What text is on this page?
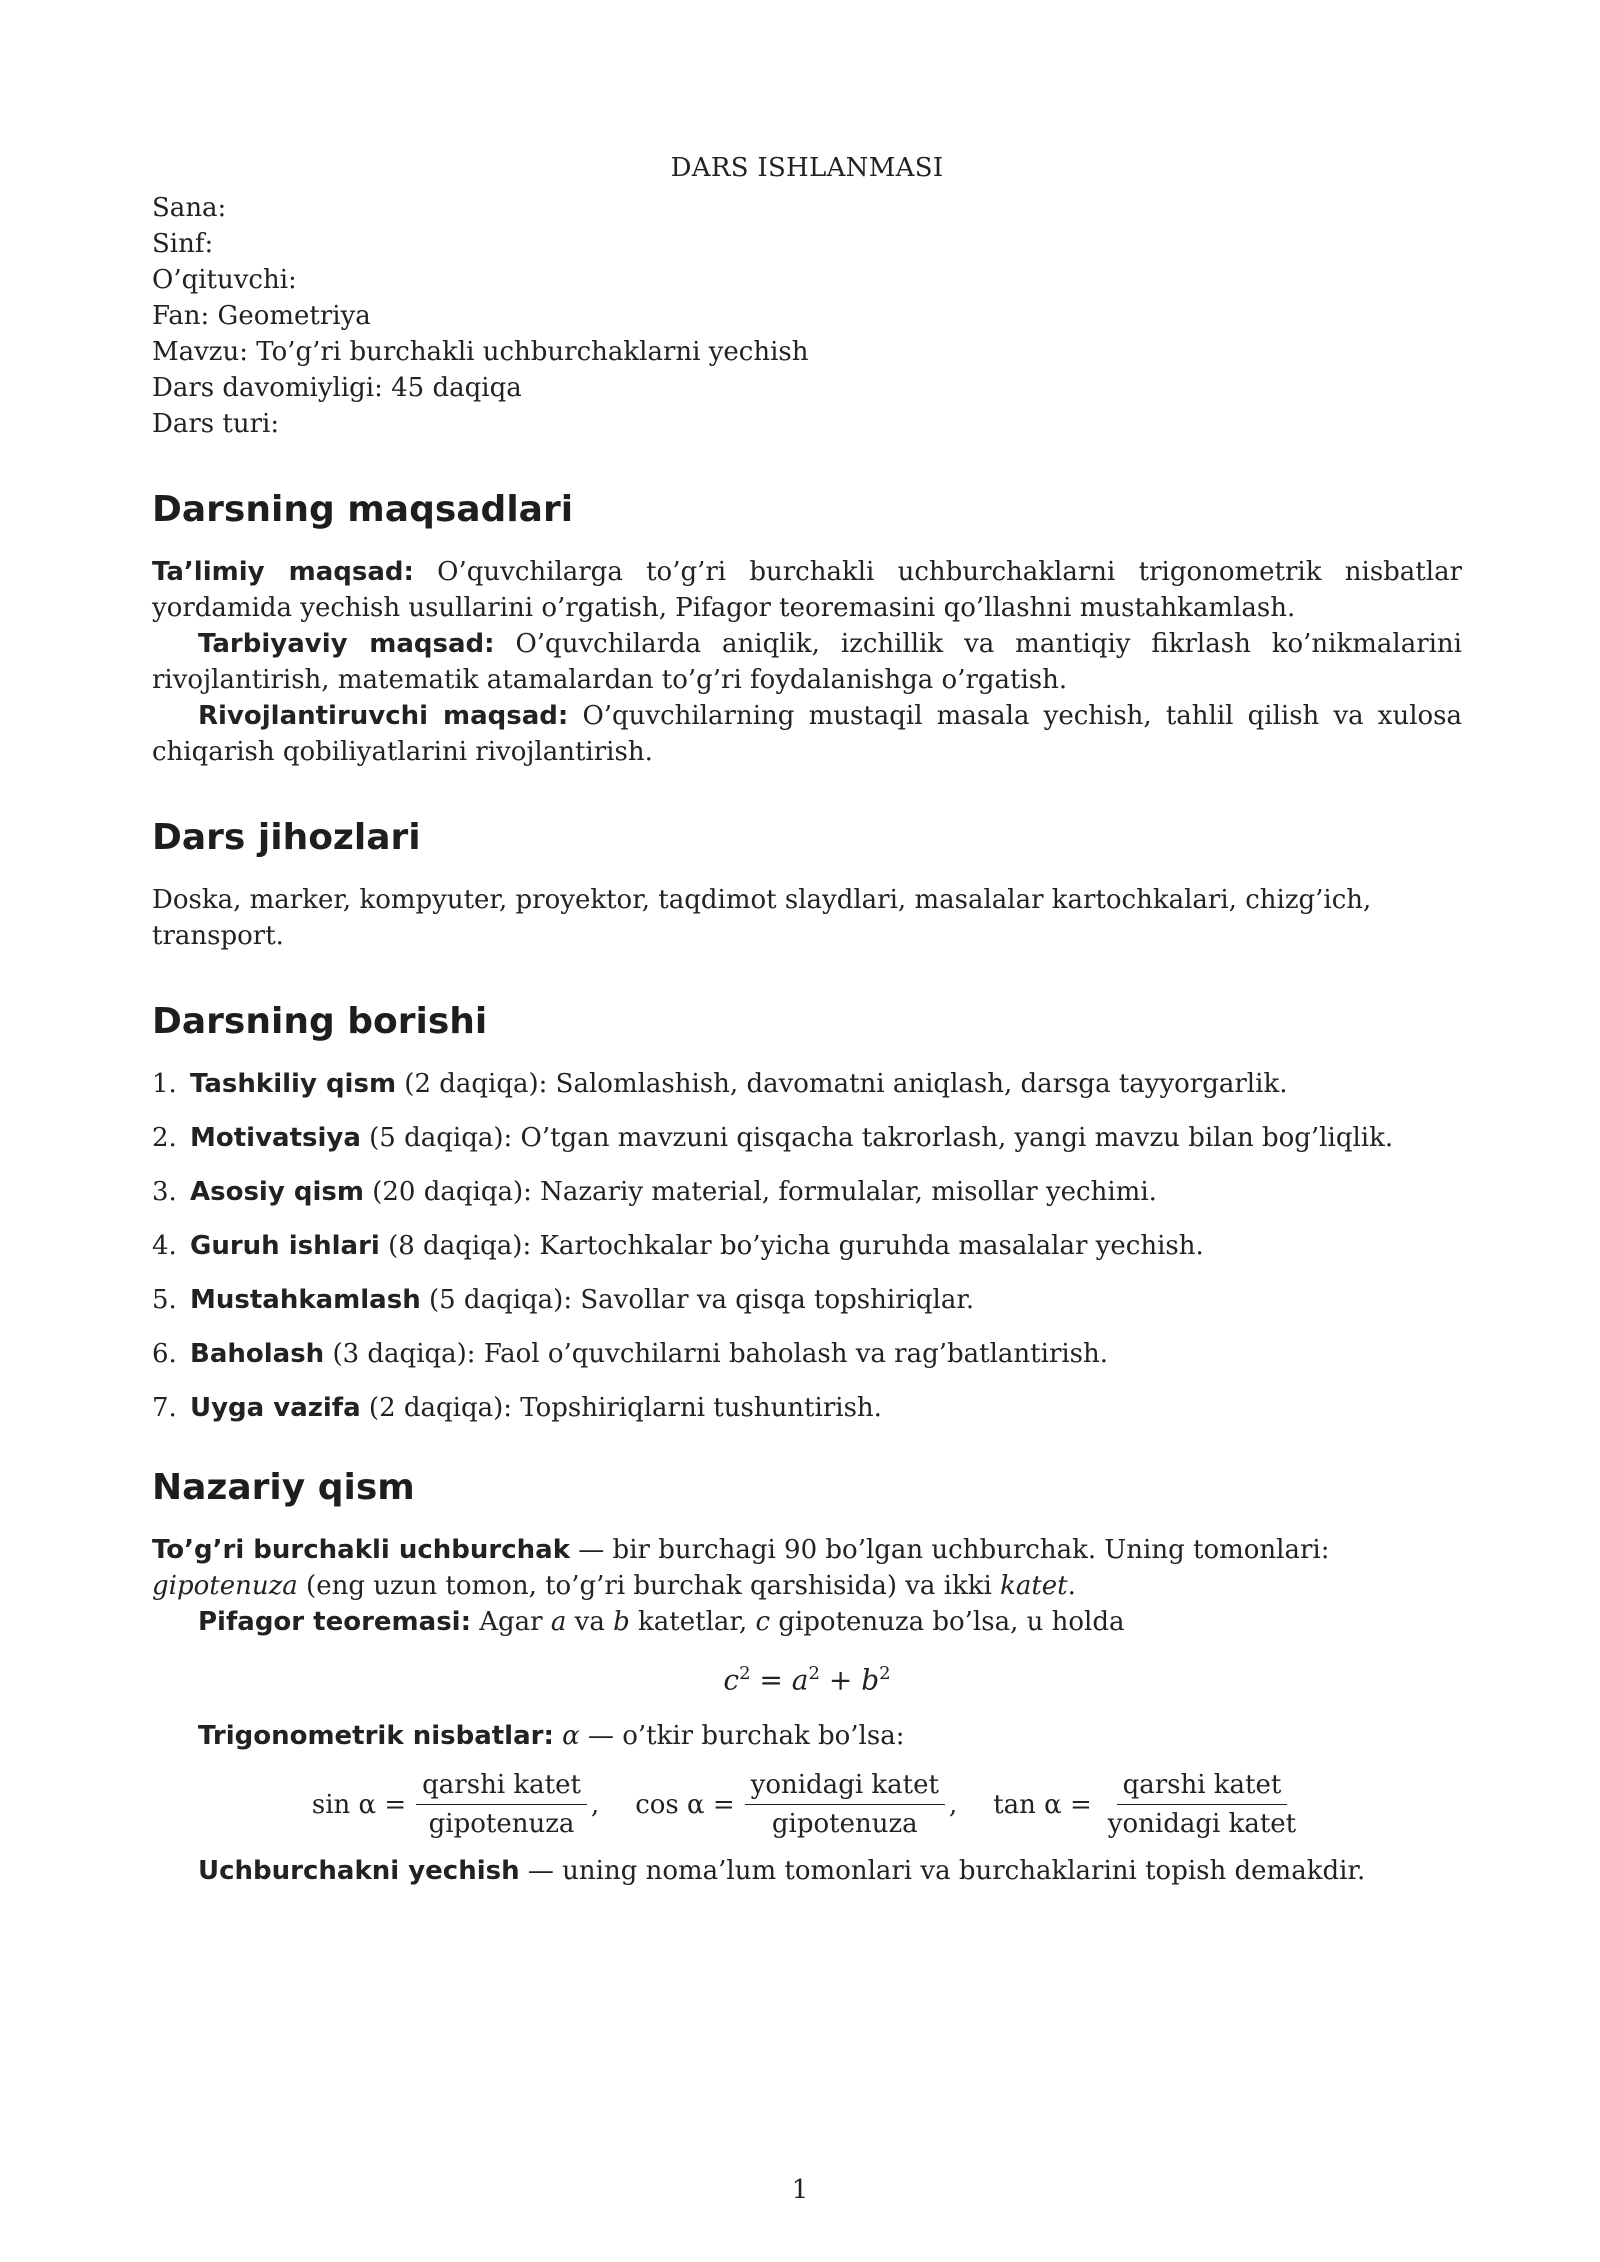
DARS ISHLANMASI
Sana:
Sinf:
O’qituvchi:
Fan: Geometriya
Mavzu: To’g’ri burchakli uchburchaklarni yechish
Dars davomiyligi: 45 daqiqa
Dars turi:
Darsning maqsadlari

Ta’limiy maqsad: O’quvchilarga to’g’ri burchakli uchburchaklarni trigonometrik nisbatlar yordamida yechish usullarini o’rgatish, Pifagor teoremasini qo’llashni mustahkamlash.

Tarbiyaviy maqsad: O’quvchilarda aniqlik, izchillik va mantiqiy fikrlash ko’nikmalarini rivojlantirish, matematik atamalardan to’g’ri foydalanishga o’rgatish.

Rivojlantiruvchi maqsad: O’quvchilarning mustaqil masala yechish, tahlil qilish va xulosa chiqarish qobiliyatlarini rivojlantirish.

Dars jihozlari

Doska, marker, kompyuter, proyektor, taqdimot slaydlari, masalalar kartochkalari, chizg’ich, transport.

Darsning borishi
1. Tashkiliy qism (2 daqiqa): Salomlashish, davomatni aniqlash, darsga tayyorgarlik.
2. Motivatsiya (5 daqiqa): O’tgan mavzuni qisqacha takrorlash, yangi mavzu bilan bog’liqlik.
3. Asosiy qism (20 daqiqa): Nazariy material, formulalar, misollar yechimi.
4. Guruh ishlari (8 daqiqa): Kartochkalar bo’yicha guruhda masalalar yechish.
5. Mustahkamlash (5 daqiqa): Savollar va qisqa topshiriqlar.
6. Baholash (3 daqiqa): Faol o’quvchilarni baholash va rag’batlantirish.
7. Uyga vazifa (2 daqiqa): Topshiriqlarni tushuntirish.
Nazariy qism

To’g’ri burchakli uchburchak — bir burchagi 90 bo’lgan uchburchak. Uning tomonlari: gipotenuza (eng uzun tomon, to’g’ri burchak qarshisida) va ikki katet.

Pifagor teoremasi: Agar a va b katetlar, c gipotenuza bo’lsa, u holda

$c^2 = a^2 + b^2$

Trigonometrik nisbatlar: α — o’tkir burchak bo’lsa:

$\sin \alpha = \frac{\text{qarshi katet}}{\text{gipotenuza}}$ , $\cos \alpha = \frac{\text{yonidagi katet}}{\text{gipotenuza}}$ , $\tan \alpha = \frac{\text{qarshi katet}}{\text{yonidagi katet}}$

Uchburchakni yechish — uning noma’lum tomonlari va burchaklarini topish demakdir.

1
